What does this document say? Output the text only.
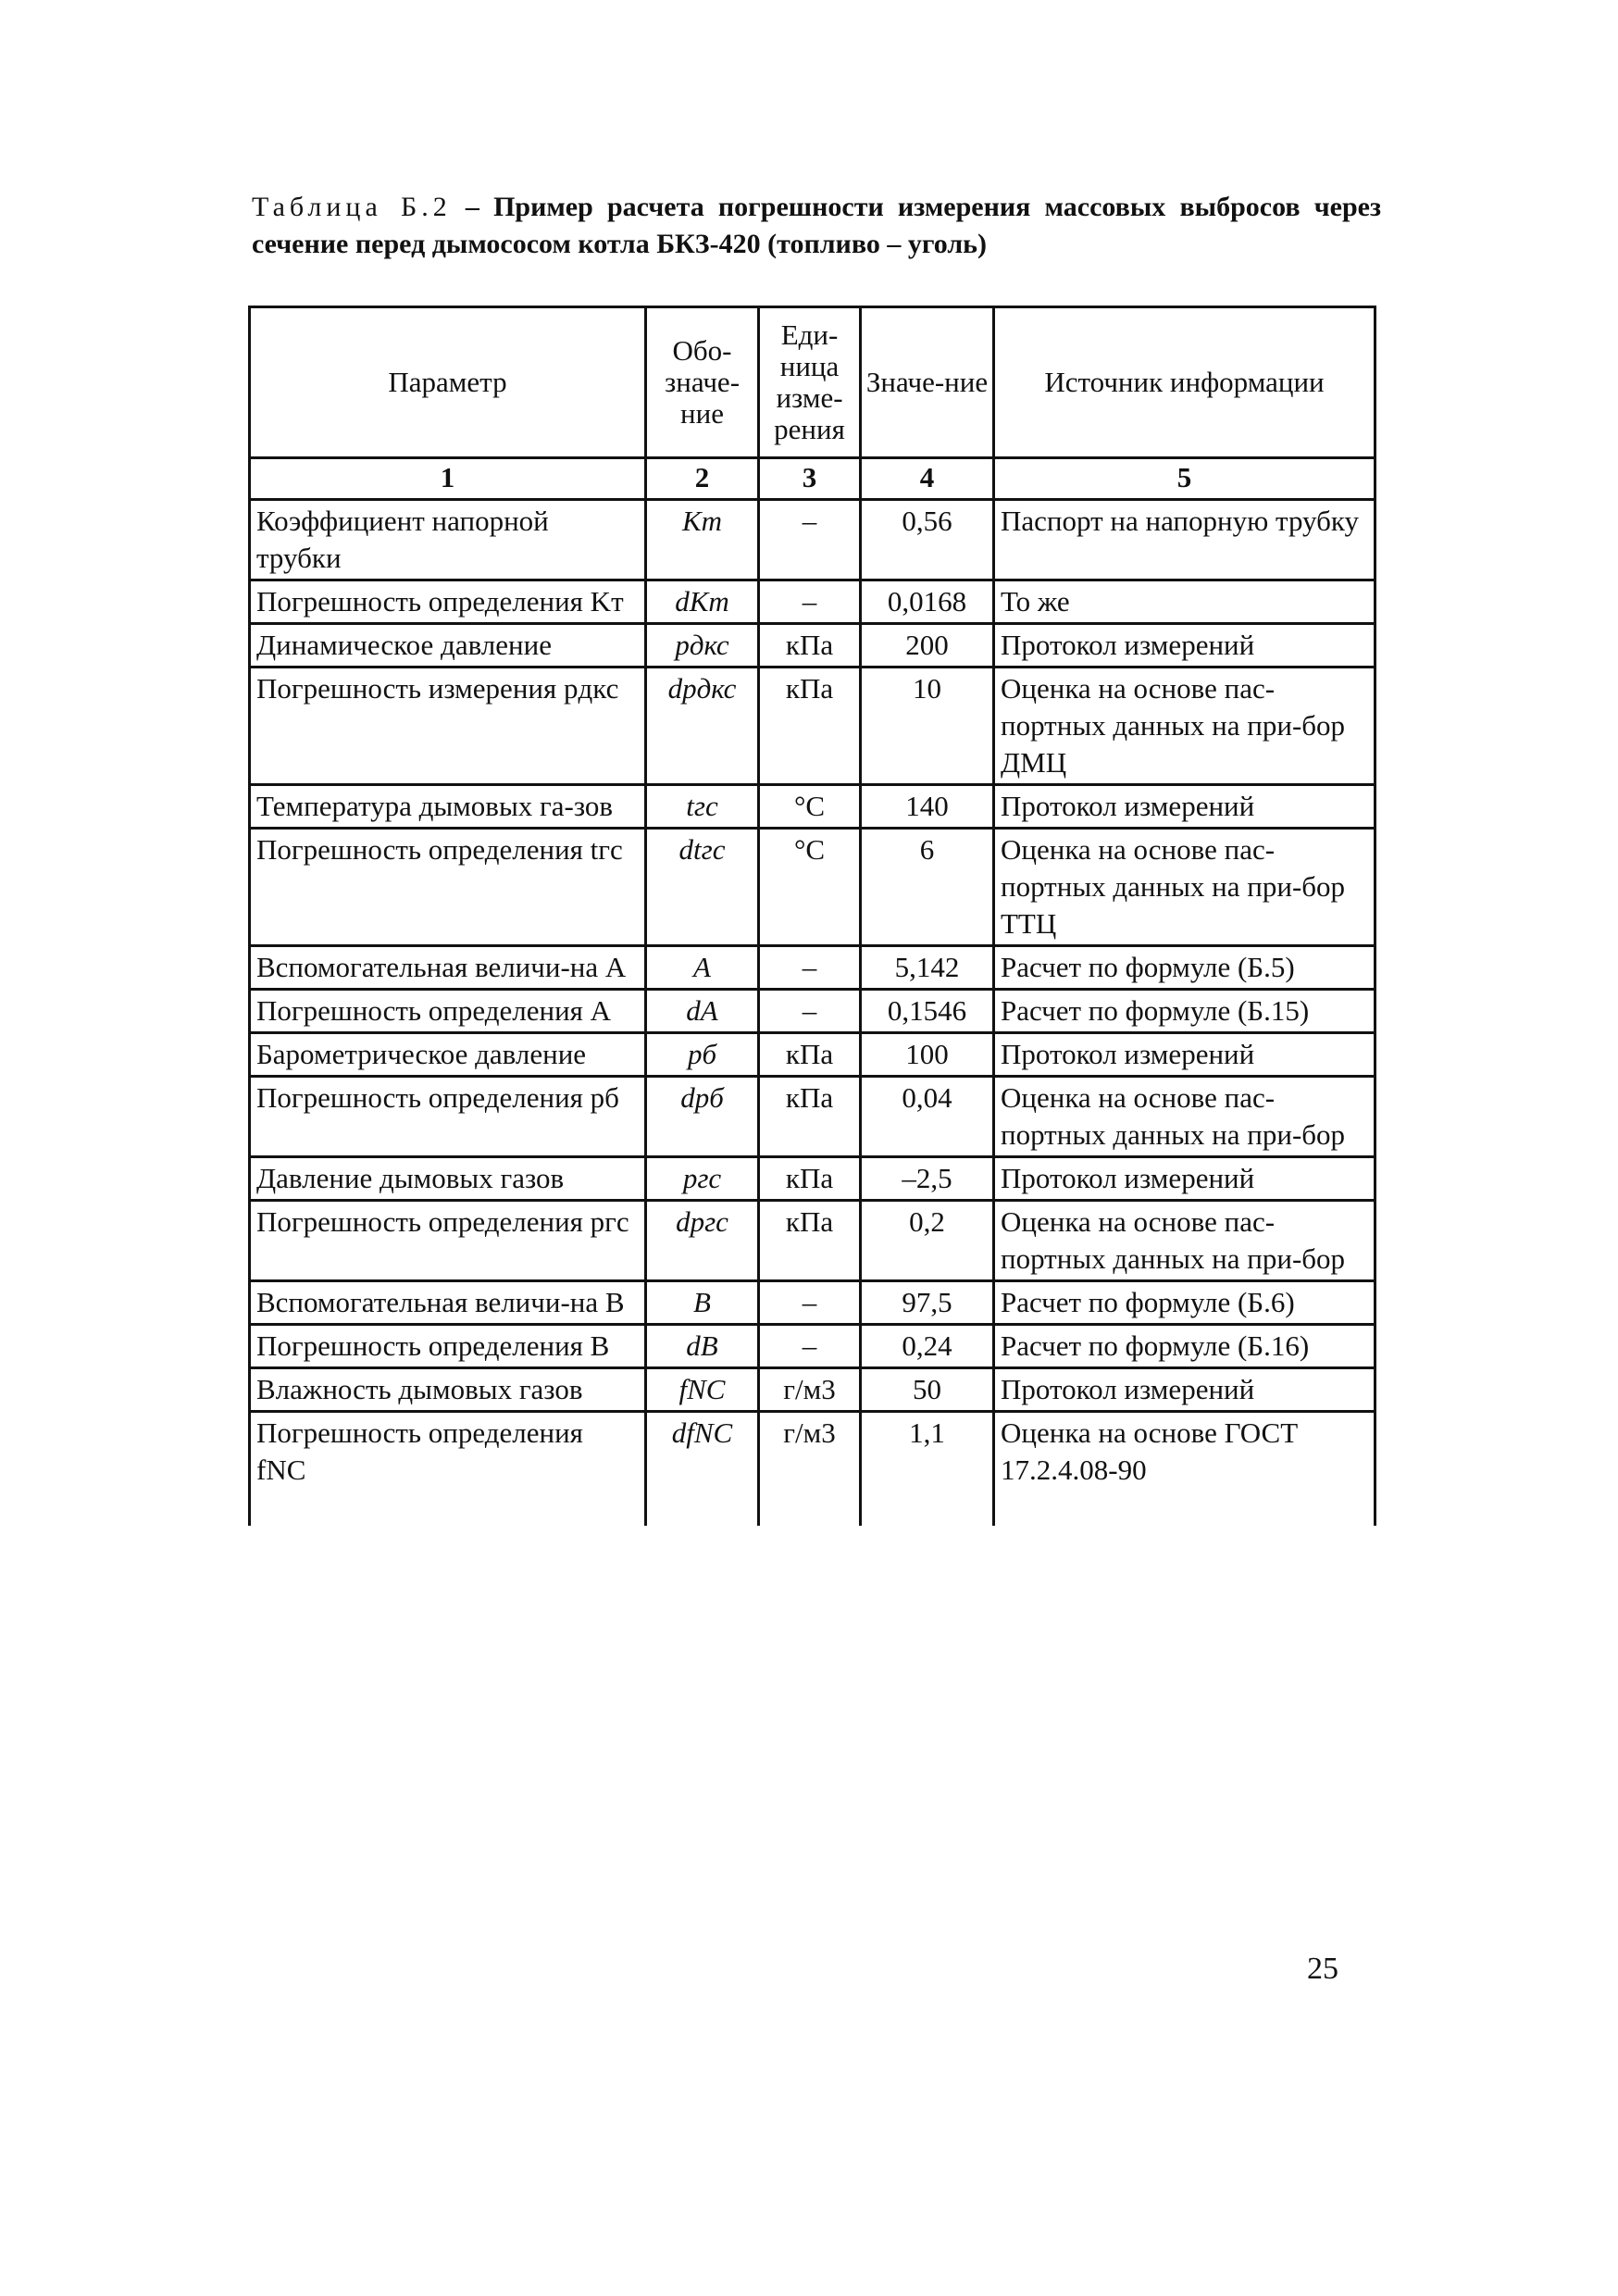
Таблица Б.2 – Пример расчета погрешности измерения массовых выбросов через сечение перед дымососом котла БКЗ-420 (топливо – уголь)
Параметр	Обо-значе-ние	Еди-ница изме-рения	Значе-ние	Источник информации
1	2	3	4	5
Коэффициент напорной трубки	Kт	–	0,56	Паспорт на напорную трубку
Погрешность определения Kт	dKт	–	0,0168	То же
Динамическое давление	pдкс	кПа	200	Протокол измерений
Погрешность измерения pдкс	dpдкс	кПа	10	Оценка на основе пас-портных данных на при-бор ДМЦ
Температура дымовых га-зов	tгс	°С	140	Протокол измерений
Погрешность определения tгс	dtгс	°С	6	Оценка на основе пас-портных данных на при-бор ТТЦ
Вспомогательная величи-на A	A	–	5,142	Расчет по формуле (Б.5)
Погрешность определения A	dA	–	0,1546	Расчет по формуле (Б.15)
Барометрическое давление	pб	кПа	100	Протокол измерений
Погрешность определения pб	dpб	кПа	0,04	Оценка на основе пас-портных данных на при-бор
Давление дымовых газов	pгс	кПа	–2,5	Протокол измерений
Погрешность определения pгс	dpгс	кПа	0,2	Оценка на основе пас-портных данных на при-бор
Вспомогательная величи-на B	B	–	97,5	Расчет по формуле (Б.6)
Погрешность определения B	dB	–	0,24	Расчет по формуле (Б.16)
Влажность дымовых газов	fNC	г/м3	50	Протокол измерений
Погрешность определения fNC	dfNC	г/м3	1,1	Оценка на основе ГОСТ 17.2.4.08-90
25
